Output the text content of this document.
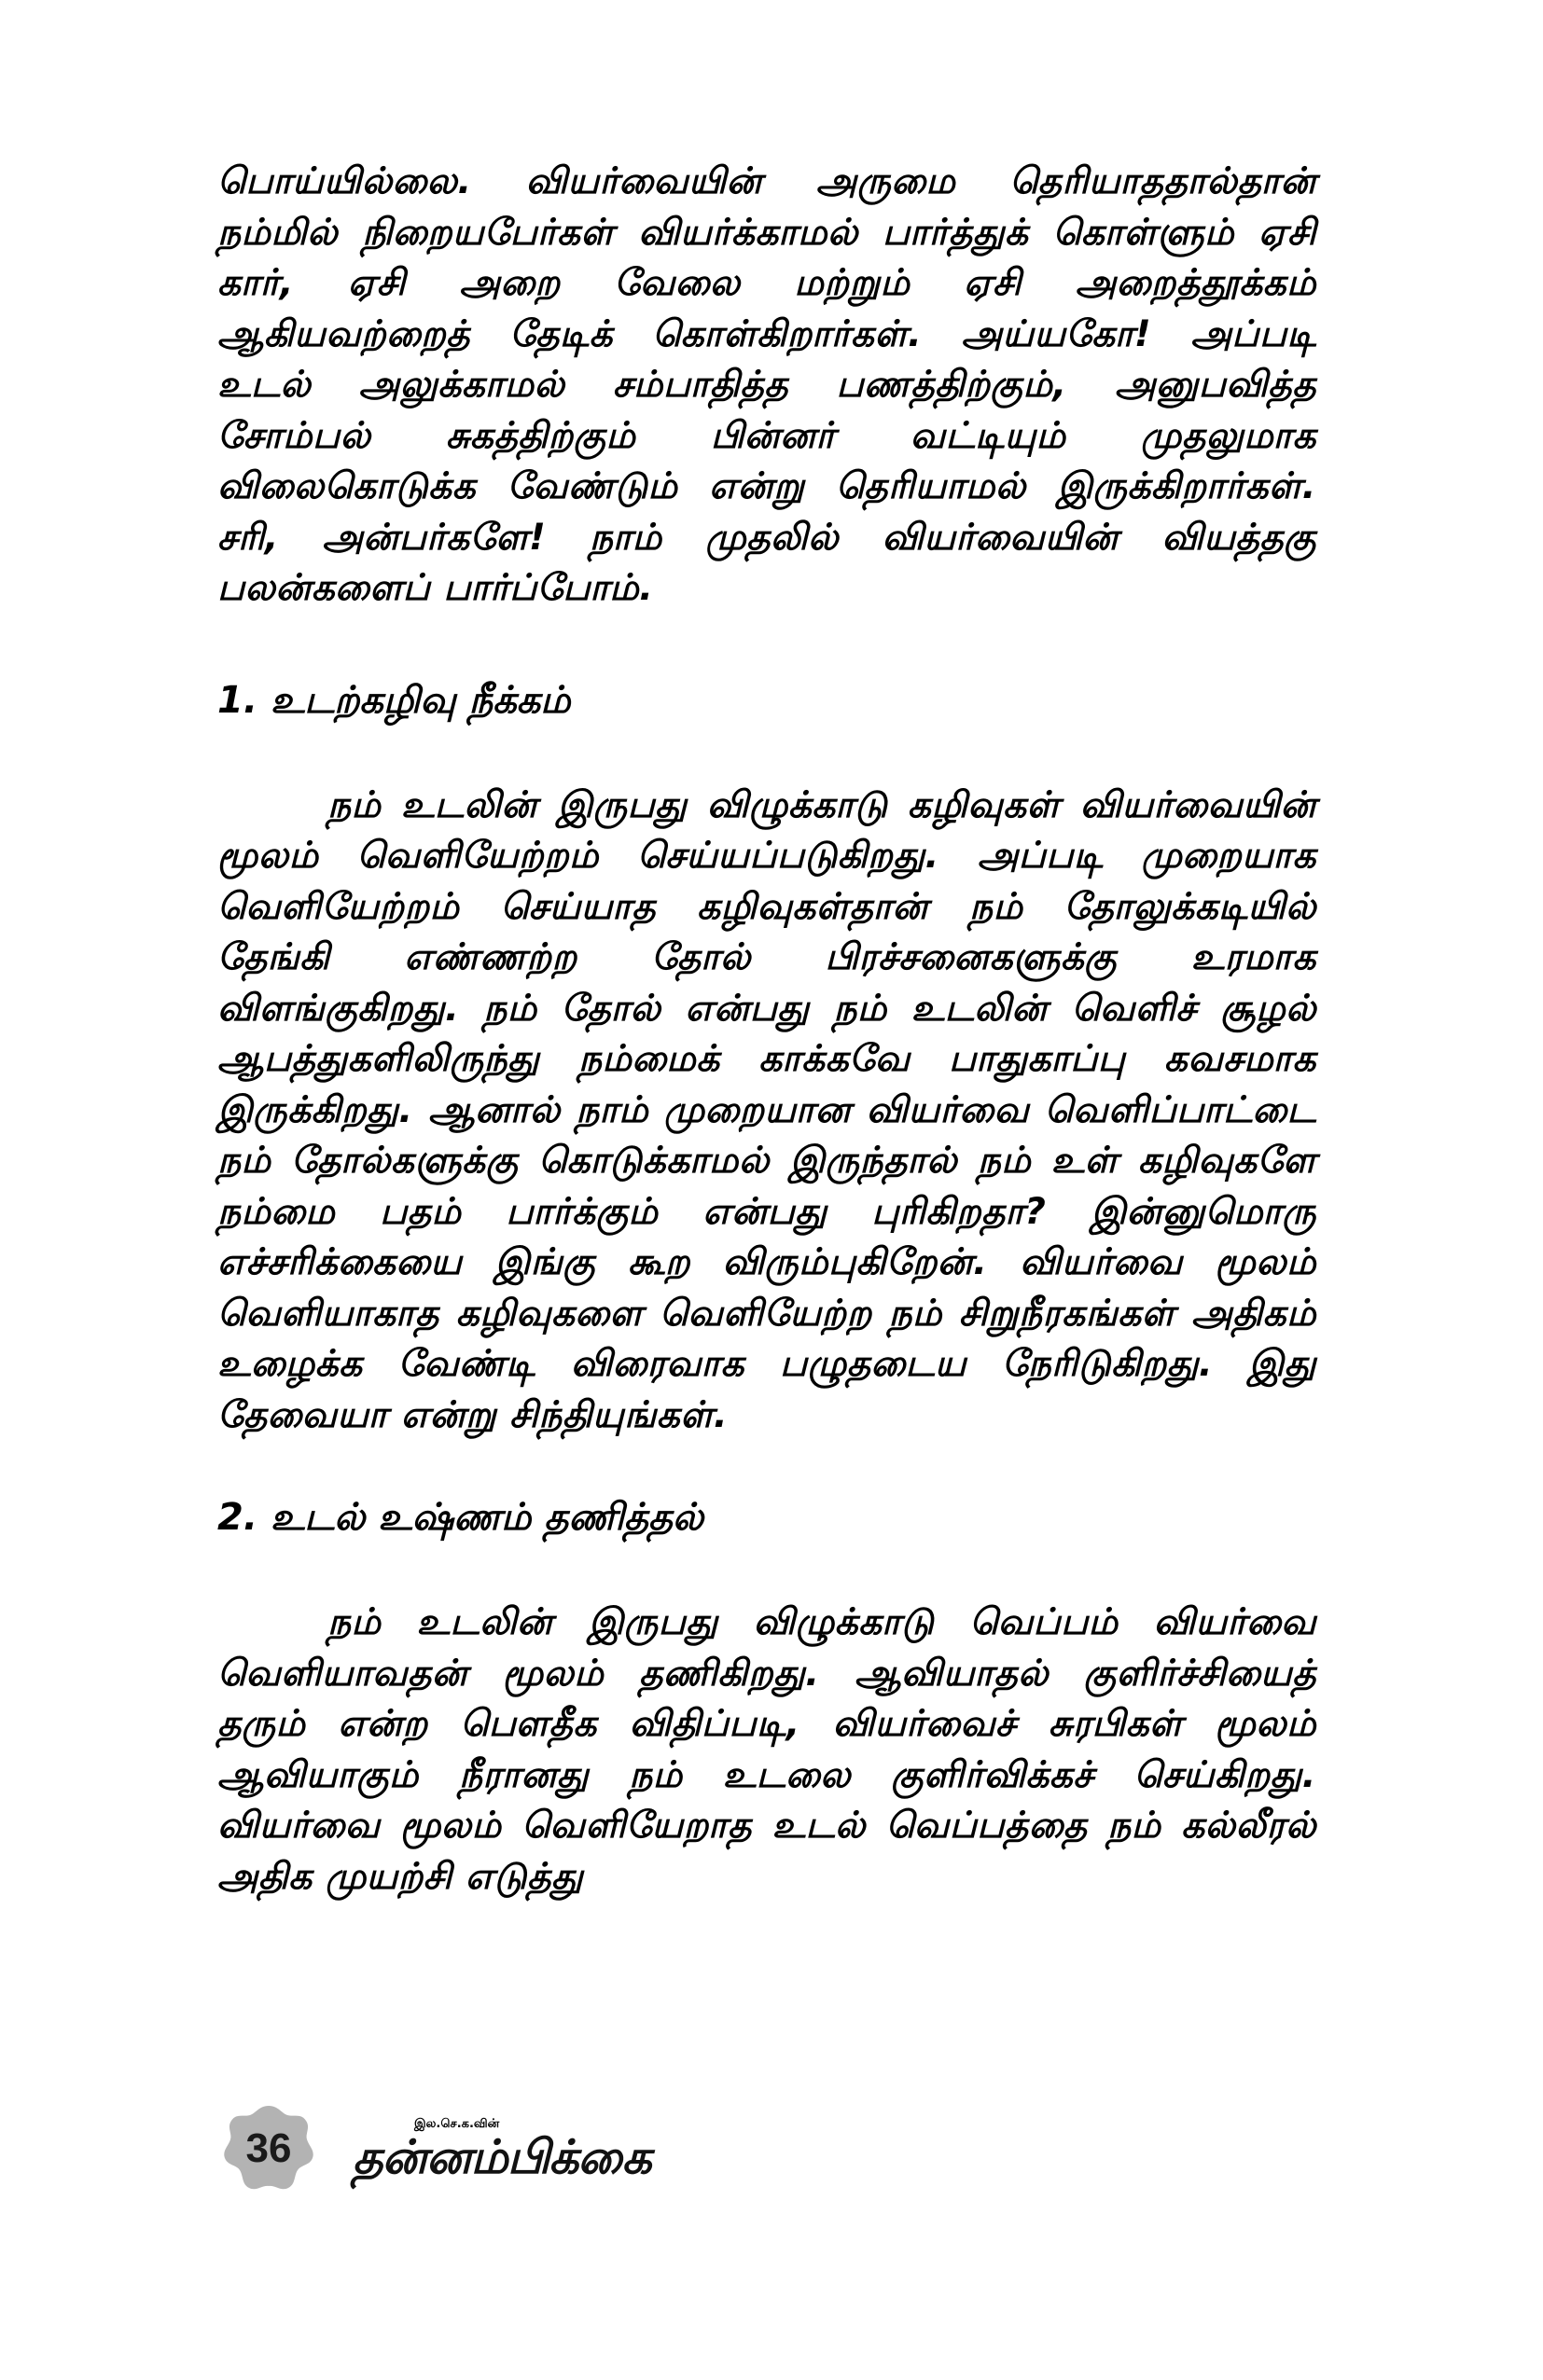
பொய்யில்லை. வியர்வையின் அருமை தெரியாததால்தான் நம்மில் நிறையபேர்கள் வியர்க்காமல் பார்த்துக் கொள்ளும் ஏசி கார், ஏசி அறை வேலை மற்றும் ஏசி அறைத்தூக்கம் ஆகியவற்றைத் தேடிக் கொள்கிறார்கள். அய்யகோ! அப்படி உடல் அலுக்காமல் சம்பாதித்த பணத்திற்கும், அனுபவித்த சோம்பல் சுகத்திற்கும் பின்னர் வட்டியும் முதலுமாக விலைகொடுக்க வேண்டும் என்று தெரியாமல் இருக்கிறார்கள். சரி, அன்பர்களே! நாம் முதலில் வியர்வையின் வியத்தகு பலன்களைப் பார்ப்போம்.

1. உடற்கழிவு நீக்கம்

நம் உடலின் இருபது விழுக்காடு கழிவுகள் வியர்வையின் மூலம் வெளியேற்றம் செய்யப்படுகிறது. அப்படி முறையாக வெளியேற்றம் செய்யாத கழிவுகள்தான் நம் தோலுக்கடியில் தேங்கி எண்ணற்ற தோல் பிரச்சனைகளுக்கு உரமாக விளங்குகிறது. நம் தோல் என்பது நம் உடலின் வெளிச் சூழல் ஆபத்துகளிலிருந்து நம்மைக் காக்கவே பாதுகாப்பு கவசமாக இருக்கிறது. ஆனால் நாம் முறையான வியர்வை வெளிப்பாட்டை நம் தோல்களுக்கு கொடுக்காமல் இருந்தால் நம் உள் கழிவுகளே நம்மை பதம் பார்க்கும் என்பது புரிகிறதா? இன்னுமொரு எச்சரிக்கையை இங்கு கூற விரும்புகிறேன். வியர்வை மூலம் வெளியாகாத கழிவுகளை வெளியேற்ற நம் சிறுநீரகங்கள் அதிகம் உழைக்க வேண்டி விரைவாக பழுதடைய நேரிடுகிறது. இது தேவையா என்று சிந்தியுங்கள்.

2. உடல் உஷ்ணம் தணித்தல்

நம் உடலின் இருபது விழுக்காடு வெப்பம் வியர்வை வெளியாவதன் மூலம் தணிகிறது. ஆவியாதல் குளிர்ச்சியைத் தரும் என்ற பௌதீக விதிப்படி, வியர்வைச் சுரபிகள் மூலம் ஆவியாகும் நீரானது நம் உடலை குளிர்விக்கச் செய்கிறது. வியர்வை மூலம் வெளியேறாத உடல் வெப்பத்தை நம் கல்லீரல் அதிக முயற்சி எடுத்து

36
இல.செ.க.வின்
தன்னம்பிக்கை
